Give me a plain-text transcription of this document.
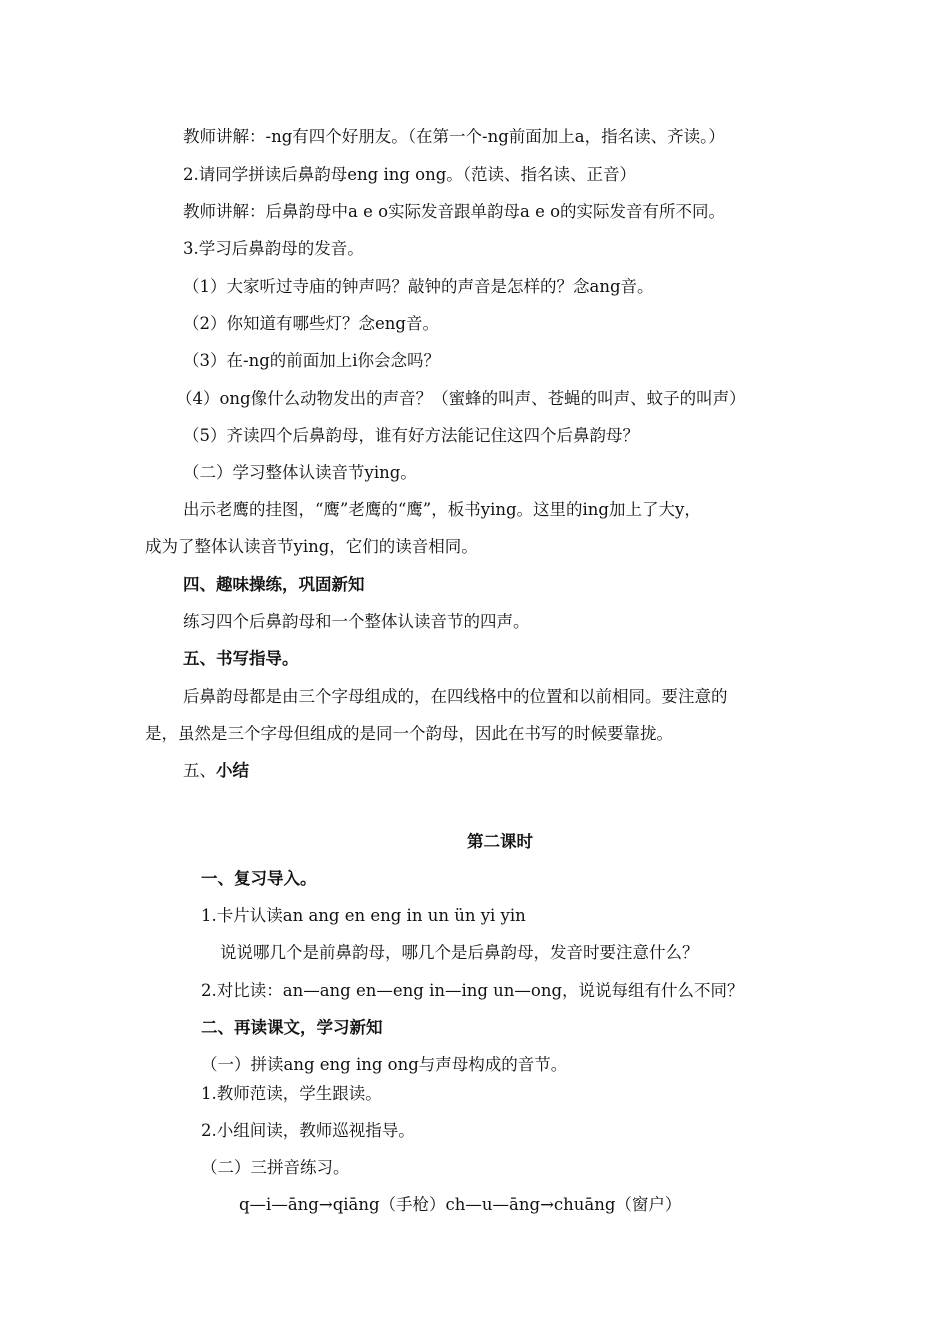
教师讲解：-ng有四个好朋友。（在第一个-ng前面加上a，指名读、齐读。）
2.请同学拼读后鼻韵母eng ing ong。（范读、指名读、正音）
教师讲解：后鼻韵母中a e o实际发音跟单韵母a e o的实际发音有所不同。
3.学习后鼻韵母的发音。
（1）大家听过寺庙的钟声吗？敲钟的声音是怎样的？念ang音。
（2）你知道有哪些灯？念eng音。
（3）在-ng的前面加上i你会念吗？
（4）ong像什么动物发出的声音？（蜜蜂的叫声、苍蝇的叫声、蚊子的叫声）
（5）齐读四个后鼻韵母，谁有好方法能记住这四个后鼻韵母？
（二）学习整体认读音节ying。
出示老鹰的挂图，“鹰”老鹰的“鹰”，板书ying。这里的ing加上了大y，
成为了整体认读音节ying，它们的读音相同。
四、趣味操练，巩固新知
练习四个后鼻韵母和一个整体认读音节的四声。
五、书写指导。
后鼻韵母都是由三个字母组成的，在四线格中的位置和以前相同。要注意的
是，虽然是三个字母但组成的是同一个韵母，因此在书写的时候要靠拢。
五、小结
第二课时
一、复习导入。
1.卡片认读an ang en eng in un ün yi yin
说说哪几个是前鼻韵母，哪几个是后鼻韵母，发音时要注意什么？
2.对比读：an—ang en—eng in—ing un—ong，说说每组有什么不同？
二、再读课文，学习新知
（一）拼读ang eng ing ong与声母构成的音节。
1.教师范读，学生跟读。
2.小组间读，教师巡视指导。
（二）三拼音练习。
q—i—āng→qiāng（手枪）ch—u—āng→chuāng（窗户）
